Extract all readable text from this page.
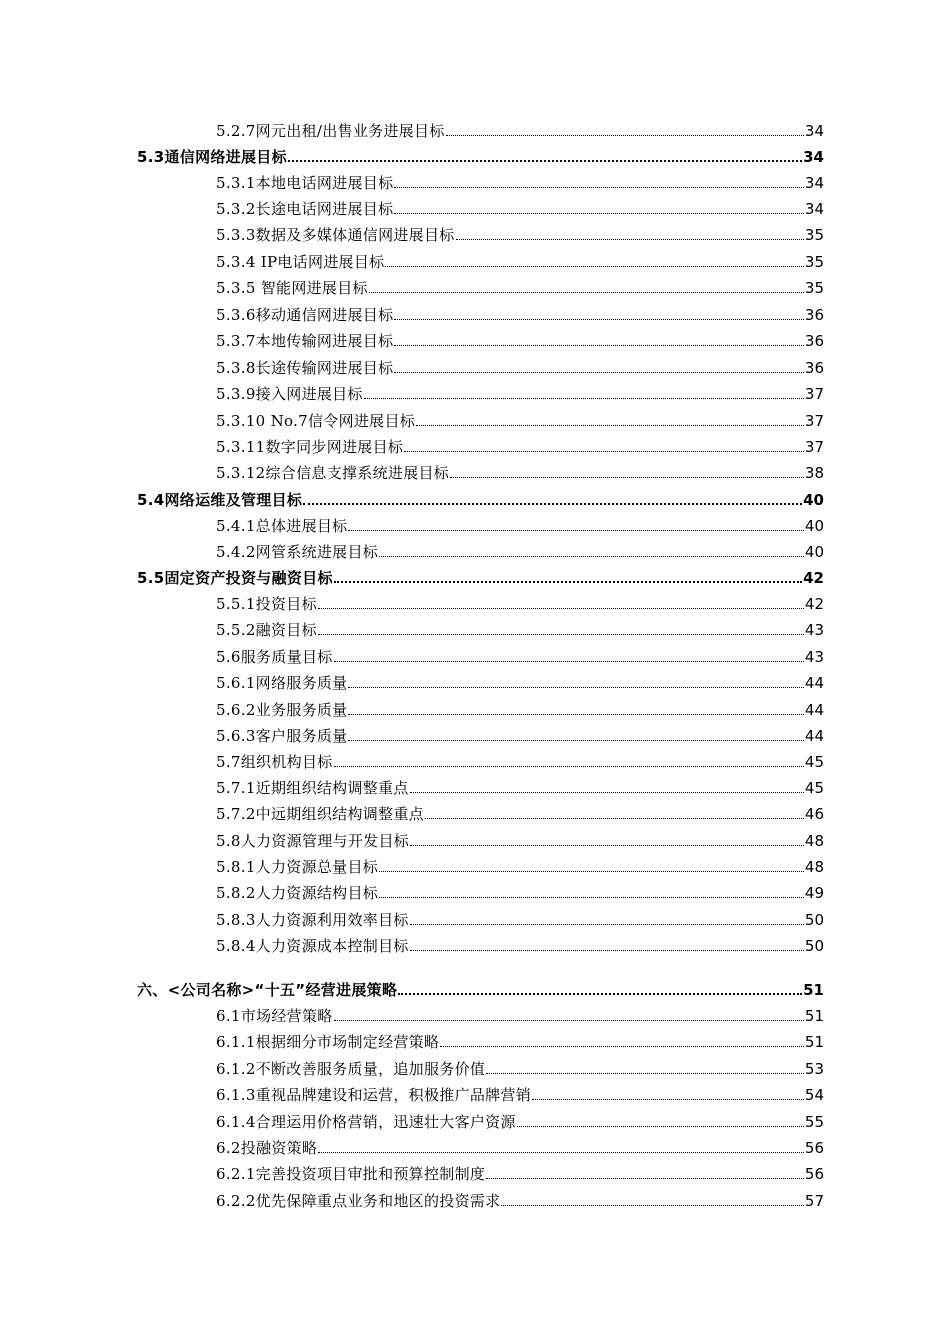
5.2.7网元出租/出售业务进展目标	34
5.3通信网络进展目标	34
5.3.1本地电话网进展目标	34
5.3.2长途电话网进展目标	34
5.3.3数据及多媒体通信网进展目标	35
5.3.4 IP电话网进展目标	35
5.3.5 智能网进展目标	35
5.3.6移动通信网进展目标	36
5.3.7本地传输网进展目标	36
5.3.8长途传输网进展目标	36
5.3.9接入网进展目标	37
5.3.10 No.7信令网进展目标	37
5.3.11数字同步网进展目标	37
5.3.12综合信息支撑系统进展目标	38
5.4网络运维及管理目标	40
5.4.1总体进展目标	40
5.4.2网管系统进展目标	40
5.5固定资产投资与融资目标	42
5.5.1投资目标	42
5.5.2融资目标	43
5.6服务质量目标	43
5.6.1网络服务质量	44
5.6.2业务服务质量	44
5.6.3客户服务质量	44
5.7组织机构目标	45
5.7.1近期组织结构调整重点	45
5.7.2中远期组织结构调整重点	46
5.8人力资源管理与开发目标	48
5.8.1人力资源总量目标	48
5.8.2人力资源结构目标	49
5.8.3人力资源利用效率目标	50
5.8.4人力资源成本控制目标	50
六、<公司名称>“十五”经营进展策略	51
6.1市场经营策略	51
6.1.1根据细分市场制定经营策略	51
6.1.2不断改善服务质量，追加服务价值	53
6.1.3重视品牌建设和运营，积极推广品牌营销	54
6.1.4合理运用价格营销，迅速壮大客户资源	55
6.2投融资策略	56
6.2.1完善投资项目审批和预算控制制度	56
6.2.2优先保障重点业务和地区的投资需求	57
